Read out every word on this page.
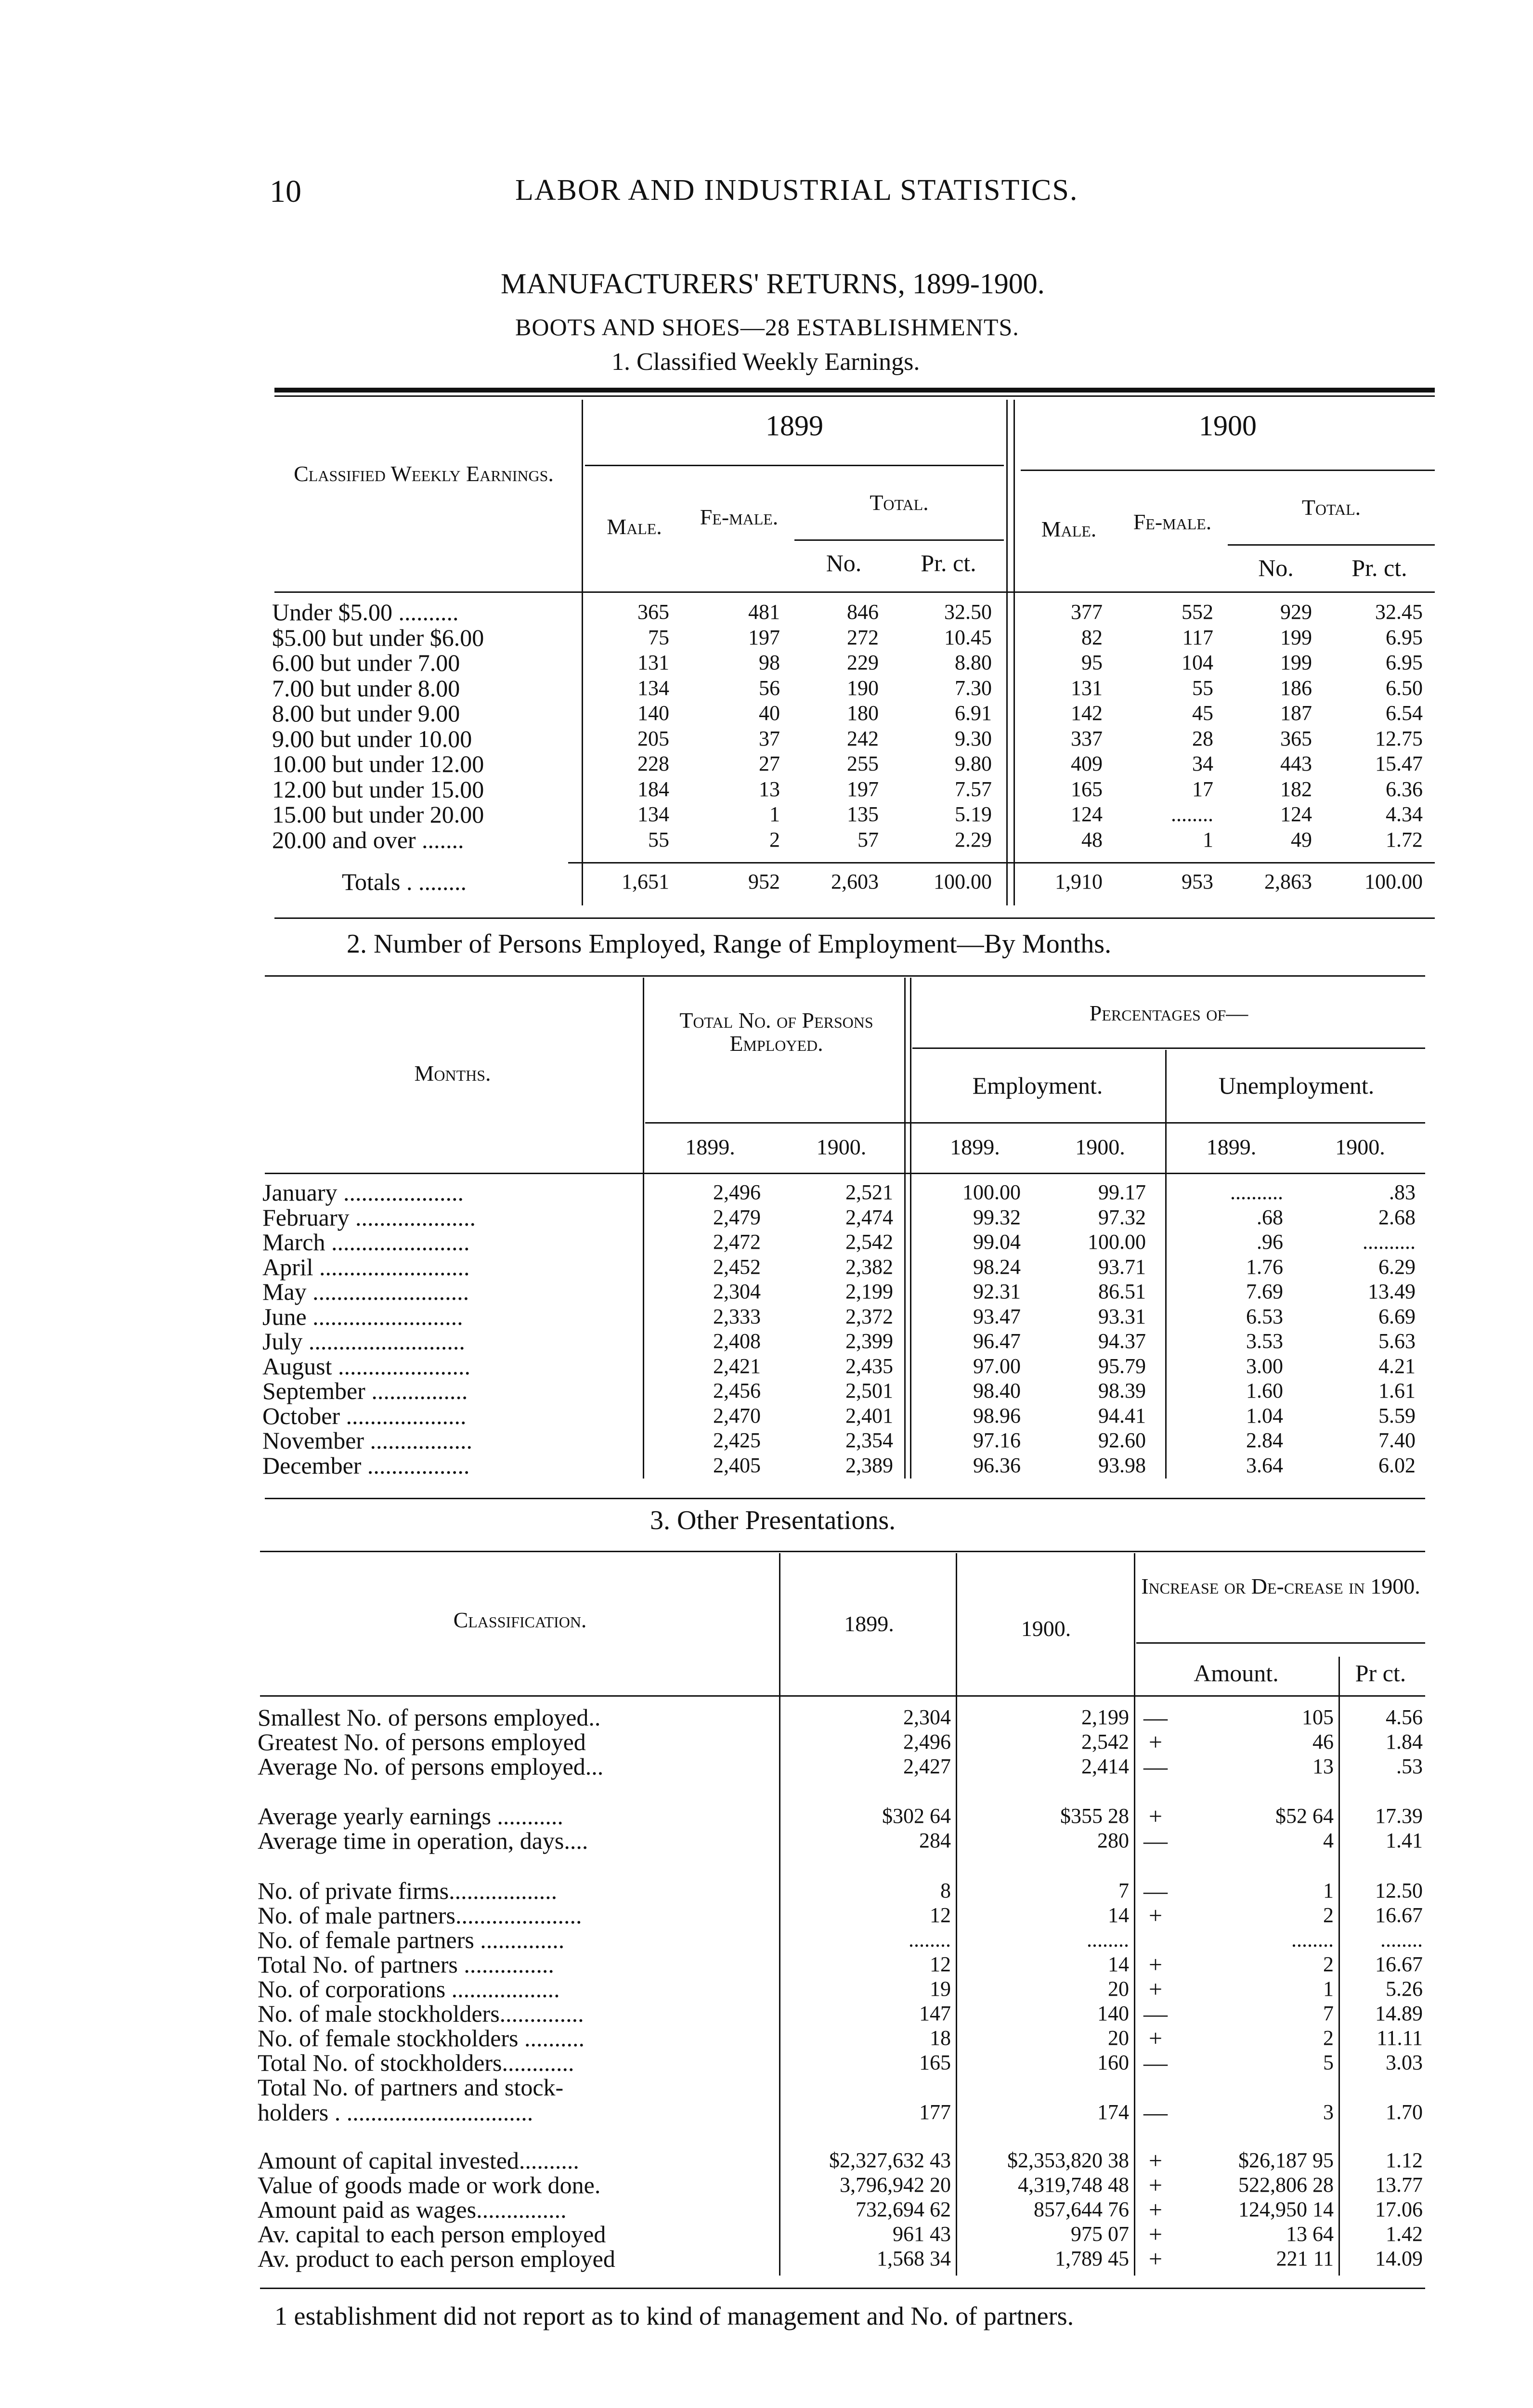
10	LABOR AND INDUSTRIAL STATISTICS.
MANUFACTURERS' RETURNS, 1899-1900.
BOOTS AND SHOES—28 ESTABLISHMENTS.
1. Classified Weekly Earnings.
Classified Weekly Earnings.
1899	1900
Male.	Fe-male.
Total.
No.	Pr. ct.
Male.	Fe-male.
Total.
No.	Pr. ct.
Under $5.00 ..........	365	481	846	32.50	377	552	929	32.45
$5.00 but under $6.00	75	197	272	10.45	82	117	199	6.95
6.00 but under 7.00	131	98	229	8.80	95	104	199	6.95
7.00 but under 8.00	134	56	190	7.30	131	55	186	6.50
8.00 but under 9.00	140	40	180	6.91	142	45	187	6.54
9.00 but under 10.00	205	37	242	9.30	337	28	365	12.75
10.00 but under 12.00	228	27	255	9.80	409	34	443	15.47
12.00 but under 15.00	184	13	197	7.57	165	17	182	6.36
15.00 but under 20.00	134	1	135	5.19	124	........	124	4.34
20.00 and over .......	55	2	57	2.29	48	1	49	1.72
Totals . ........	1,651	952	2,603	100.00	1,910	953	2,863	100.00
2. Number of Persons Employed, Range of Employment—By Months.
Months.
Total No. of Persons Employed.
Percentages of—
Employment.	Unemployment.
1899.	1900.	1899.	1900.	1899.	1900.
January ....................	2,496	2,521	100.00	99.17	..........	.83
February ....................	2,479	2,474	99.32	97.32	.68	2.68
March .......................	2,472	2,542	99.04	100.00	.96	..........
April .........................	2,452	2,382	98.24	93.71	1.76	6.29
May ..........................	2,304	2,199	92.31	86.51	7.69	13.49
June .........................	2,333	2,372	93.47	93.31	6.53	6.69
July ..........................	2,408	2,399	96.47	94.37	3.53	5.63
August ......................	2,421	2,435	97.00	95.79	3.00	4.21
September ................	2,456	2,501	98.40	98.39	1.60	1.61
October ....................	2,470	2,401	98.96	94.41	1.04	5.59
November .................	2,425	2,354	97.16	92.60	2.84	7.40
December .................	2,405	2,389	96.36	93.98	3.64	6.02
3. Other Presentations.
Classification.	1899.	1900.
Increase or De-crease in 1900.
Amount.	Pr ct.
Smallest No. of persons employed..	2,304	2,199 —	105	4.56
Greatest No. of persons employed	2,496	2,542 +	46	1.84
Average No. of persons employed...	2,427	2,414 —	13	.53
Average yearly earnings ...........	$302 64	$355 28 +	$52 64	17.39
Average time in operation, days....	284	280 —	4	1.41
No. of private firms..................	8	7 —	1	12.50
No. of male partners.....................	12	14 +	2	16.67
No. of female partners ..............	........	........	........	........
Total No. of partners ...............	12	14 +	2	16.67
No. of corporations ..................	19	20 +	1	5.26
No. of male stockholders..............	147	140 —	7	14.89
No. of female stockholders ..........	18	20 +	2	11.11
Total No. of stockholders............	165	160 —	5	3.03
Total No. of partners and stock-
holders . ...............................	177	174 —	3	1.70
Amount of capital invested..........	$2,327,632 43	$2,353,820 38 +	$26,187 95	1.12
Value of goods made or work done.	3,796,942 20	4,319,748 48 +	522,806 28	13.77
Amount paid as wages...............	732,694 62	857,644 76 +	124,950 14	17.06
Av. capital to each person employed	961 43	975 07 +	13 64	1.42
Av. product to each person employed	1,568 34	1,789 45 +	221 11	14.09
1 establishment did not report as to kind of management and No. of partners.
